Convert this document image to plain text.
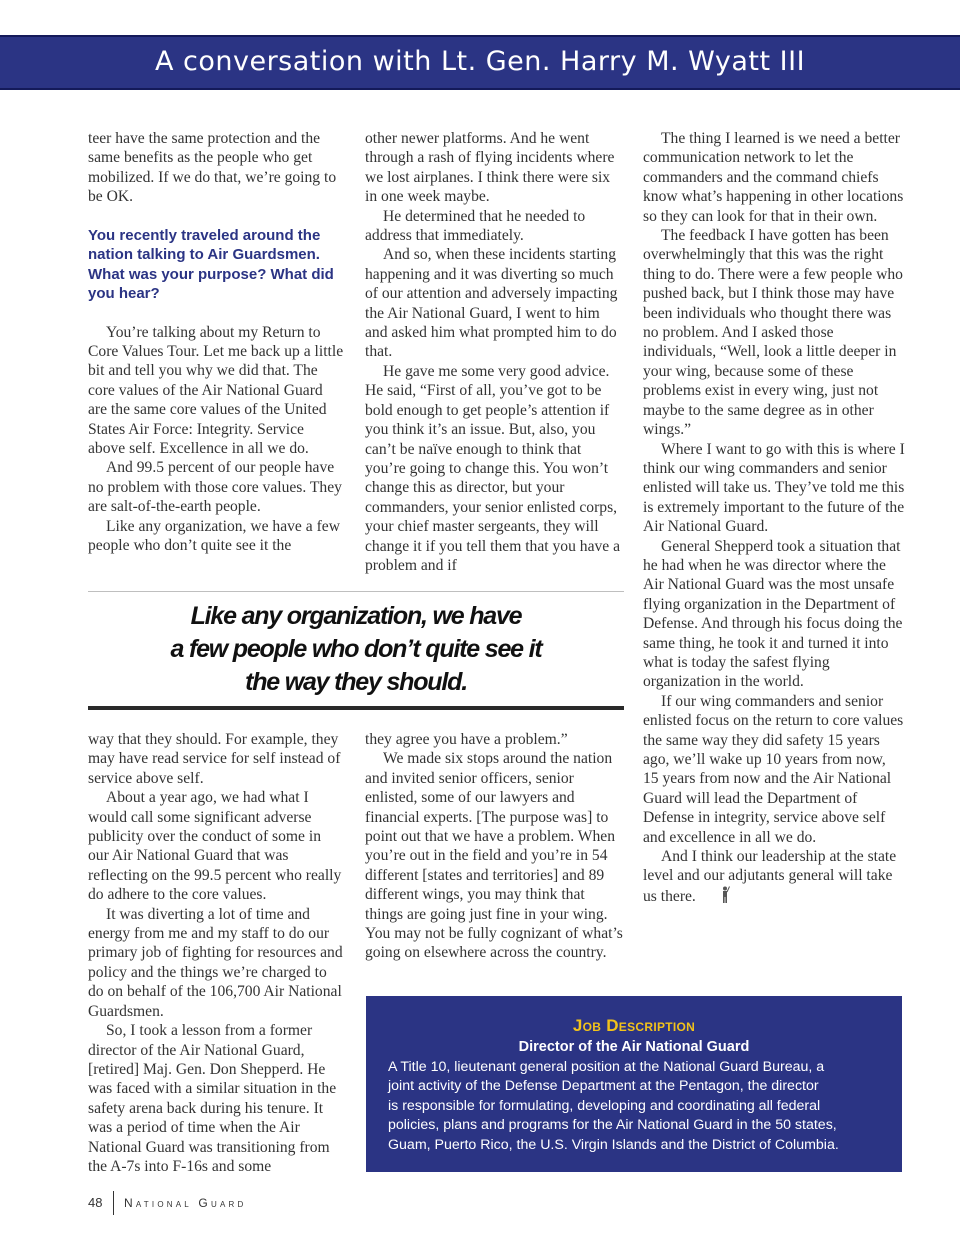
A conversation with Lt. Gen. Harry M. Wyatt III

teer have the same protection and the same benefits as the people who get mobilized. If we do that, we’re going to be OK.

You recently traveled around the nation talking to Air Guardsmen. What was your purpose? What did you hear?

You’re talking about my Return to Core Values Tour. Let me back up a little bit and tell you why we did that. The core values of the Air National Guard are the same core values of the United States Air Force: Integrity. Service above self. Excellence in all we do.

And 99.5 percent of our people have no problem with those core values. They are salt-of-the-earth people.

Like any organization, we have a few people who don’t quite see it the

other newer platforms. And he went through a rash of flying incidents where we lost airplanes. I think there were six in one week maybe.

He determined that he needed to address that immediately.

And so, when these incidents starting happening and it was diverting so much of our attention and adversely impacting the Air National Guard, I went to him and asked him what prompted him to do that.

He gave me some very good advice. He said, “First of all, you’ve got to be bold enough to get people’s attention if you think it’s an issue. But, also, you can’t be naïve enough to think that you’re going to change this. You won’t change this as director, but your commanders, your senior enlisted corps, your chief master sergeants, they will change it if you tell them that you have a problem and if

Like any organization, we have
a few people who don’t quite see it
the way they should.

way that they should. For example, they may have read service for self instead of service above self.

About a year ago, we had what I would call some significant adverse publicity over the conduct of some in our Air National Guard that was reflecting on the 99.5 percent who really do adhere to the core values.

It was diverting a lot of time and energy from me and my staff to do our primary job of fighting for resources and policy and the things we’re charged to do on behalf of the 106,700 Air National Guardsmen.

So, I took a lesson from a former director of the Air National Guard, [retired] Maj. Gen. Don Shepperd. He was faced with a similar situation in the safety arena back during his tenure. It was a period of time when the Air National Guard was transitioning from the A-7s into F-16s and some

they agree you have a problem.”

We made six stops around the nation and invited senior officers, senior enlisted, some of our lawyers and financial experts. [The purpose was] to point out that we have a problem. When you’re out in the field and you’re in 54 different [states and territories] and 89 different wings, you may think that things are going just fine in your wing. You may not be fully cognizant of what’s going on elsewhere across the country.

The thing I learned is we need a better communication network to let the commanders and the command chiefs know what’s happening in other locations so they can look for that in their own.

The feedback I have gotten has been overwhelmingly that this was the right thing to do. There were a few people who pushed back, but I think those may have been individuals who thought there was no problem. And I asked those individuals, “Well, look a little deeper in your wing, because some of these problems exist in every wing, just not maybe to the same degree as in other wings.”

Where I want to go with this is where I think our wing commanders and senior enlisted will take us. They’ve told me this is extremely important to the future of the Air National Guard.

General Shepperd took a situation that he had when he was director where the Air National Guard was the most unsafe flying organization in the Department of Defense. And through his focus doing the same thing, he took it and turned it into what is today the safest flying organization in the world.

If our wing commanders and senior enlisted focus on the return to core values the same way they did safety 15 years ago, we’ll wake up 10 years from now, 15 years from now and the Air National Guard will lead the Department of Defense in integrity, service above self and excellence in all we do.

And I think our leadership at the state level and our adjutants general will take us there.

Job Description
Director of the Air National Guard
A Title 10, lieutenant general position at the National Guard Bureau, a
joint activity of the Defense Department at the Pentagon, the director
is responsible for formulating, developing and coordinating all federal
policies, plans and programs for the Air National Guard in the 50 states,
Guam, Puerto Rico, the U.S. Virgin Islands and the District of Columbia.
48 National Guard
